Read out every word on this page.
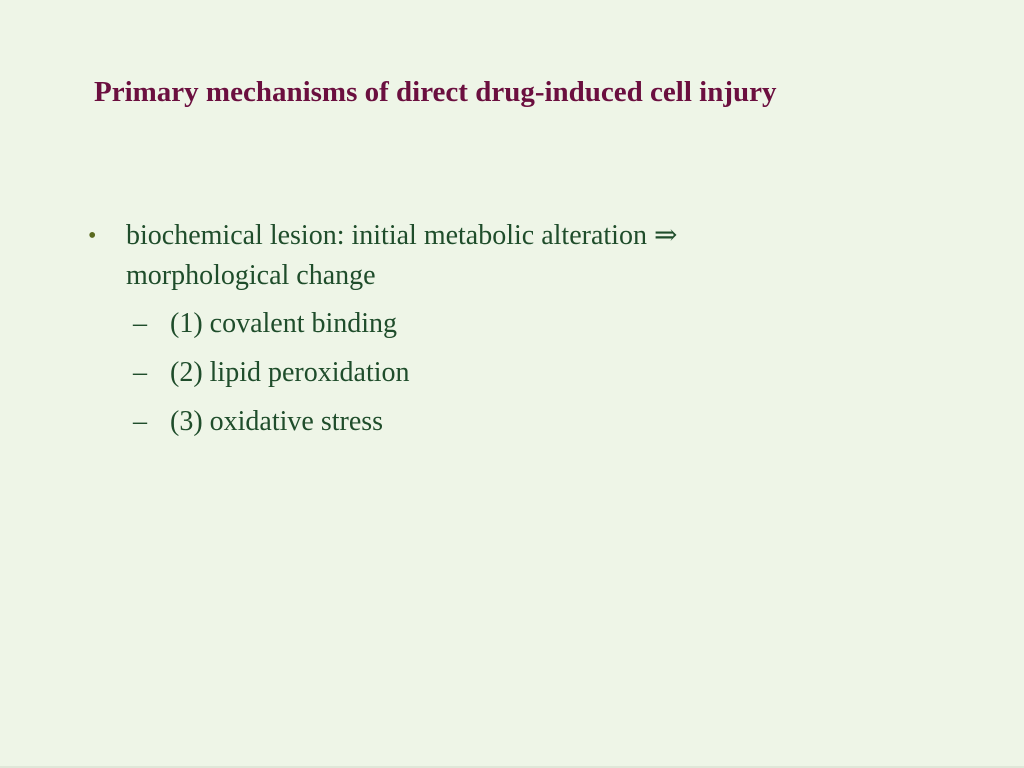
Primary mechanisms of direct drug-induced cell injury
•	biochemical lesion: initial metabolic alteration ⇒
morphological change
– (1) covalent binding
– (2) lipid peroxidation
– (3) oxidative stress
